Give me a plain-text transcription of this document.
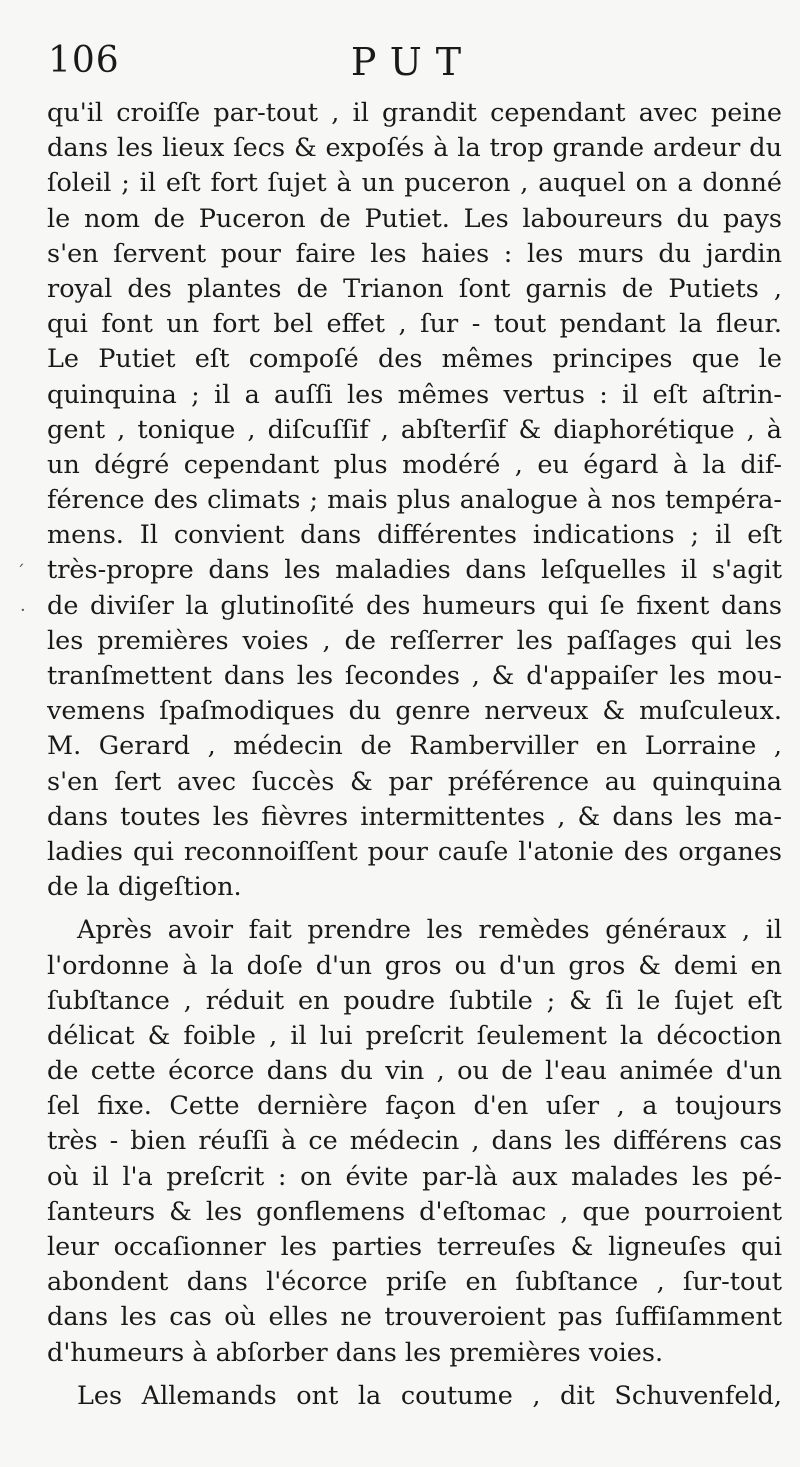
106	PUT
´
·
qu'il croiſſe par-tout , il grandit cependant avec peine
dans les lieux ſecs & expoſés à la trop grande ardeur du
ſoleil ; il eſt fort ſujet à un puceron , auquel on a donné
le nom de Puceron de Putiet. Les laboureurs du pays
s'en ſervent pour faire les haies : les murs du jardin
royal des plantes de Trianon ſont garnis de Putiets ,
qui font un fort bel effet , ſur - tout pendant la fleur.
Le Putiet eſt compoſé des mêmes principes que le
quinquina ; il a auſſi les mêmes vertus : il eſt aſtrin-
gent , tonique , diſcuſſif , abſterſif & diaphorétique , à
un dégré cependant plus modéré , eu égard à la dif-
férence des climats ; mais plus analogue à nos tempéra-
mens. Il convient dans différentes indications ; il eſt
très-propre dans les maladies dans leſquelles il s'agit
de diviſer la glutinoſité des humeurs qui ſe fixent dans
les premières voies , de reſſerrer les paſſages qui les
tranſmettent dans les ſecondes , & d'appaiſer les mou-
vemens ſpaſmodiques du genre nerveux & muſculeux.
M. Gerard , médecin de Ramberviller en Lorraine ,
s'en ſert avec ſuccès & par préférence au quinquina
dans toutes les fièvres intermittentes , & dans les ma-
ladies qui reconnoiſſent pour cauſe l'atonie des organes
de la digeſtion.
Après avoir fait prendre les remèdes généraux , il
l'ordonne à la doſe d'un gros ou d'un gros & demi en
ſubſtance , réduit en poudre ſubtile ; & ſi le ſujet eſt
délicat & foible , il lui preſcrit ſeulement la décoction
de cette écorce dans du vin , ou de l'eau animée d'un
ſel fixe. Cette dernière façon d'en uſer , a toujours
très - bien réuſſi à ce médecin , dans les différens cas
où il l'a preſcrit : on évite par-là aux malades les pé-
ſanteurs & les gonflemens d'eſtomac , que pourroient
leur occaſionner les parties terreuſes & ligneuſes qui
abondent dans l'écorce priſe en ſubſtance , ſur-tout
dans les cas où elles ne trouveroient pas ſuffiſamment
d'humeurs à abſorber dans les premières voies.
Les Allemands ont la coutume , dit Schuvenfeld,
